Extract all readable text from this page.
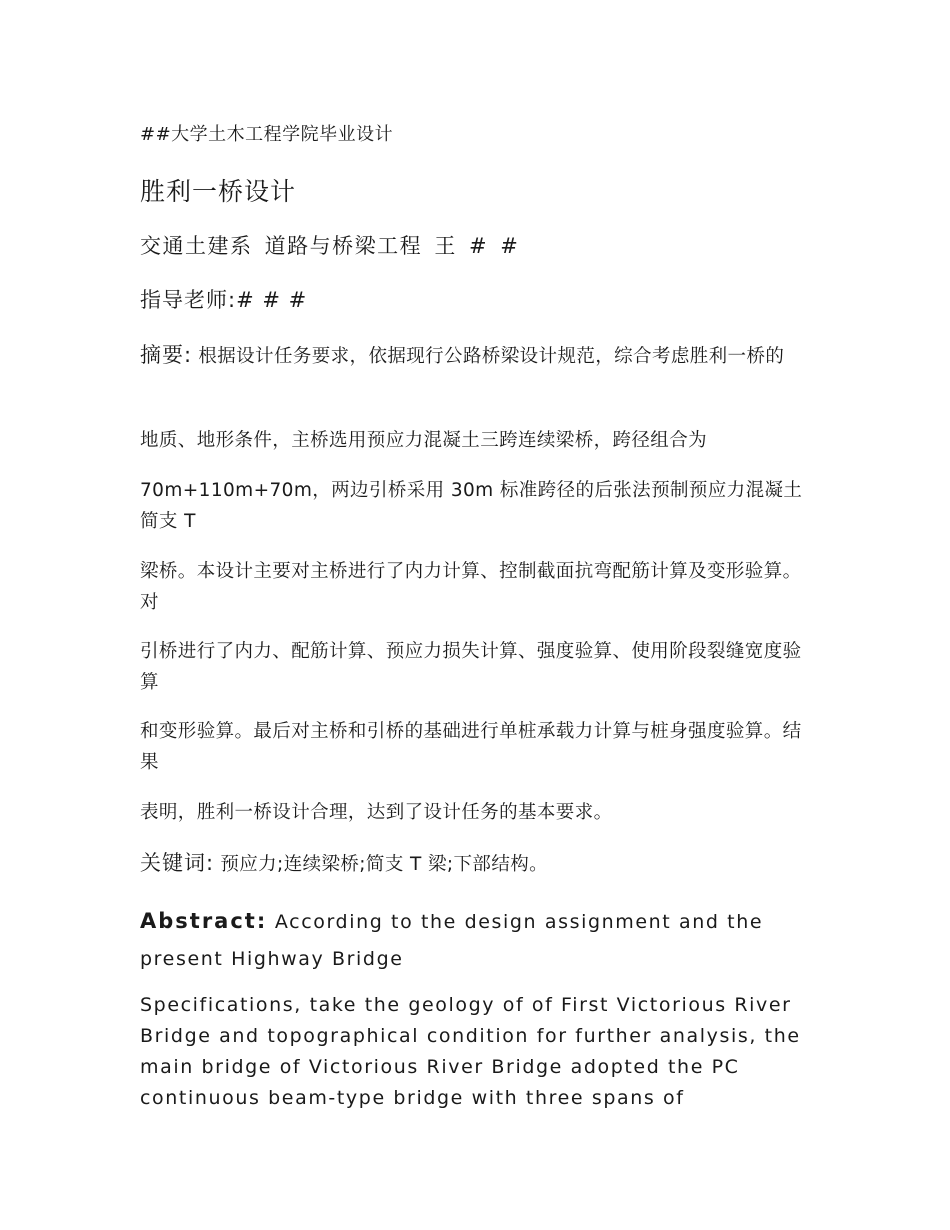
##大学土木工程学院毕业设计
胜利一桥设计
交通土建系 道路与桥梁工程 王 # #
指导老师:# # #
摘要: 根据设计任务要求，依据现行公路桥梁设计规范，综合考虑胜利一桥的
地质、地形条件，主桥选用预应力混凝土三跨连续梁桥，跨径组合为
70m+110m+70m，两边引桥采用 30m 标准跨径的后张法预制预应力混凝土简支 T
梁桥。本设计主要对主桥进行了内力计算、控制截面抗弯配筋计算及变形验算。对
引桥进行了内力、配筋计算、预应力损失计算、强度验算、使用阶段裂缝宽度验算
和变形验算。最后对主桥和引桥的基础进行单桩承载力计算与桩身强度验算。结果
表明，胜利一桥设计合理，达到了设计任务的基本要求。
关键词: 预应力;连续梁桥;简支 T 梁;下部结构。
Abstract: According to the design assignment and the present Highway Bridge
Specifications, take the geology of of First Victorious River Bridge and topographical condition for further analysis, the main bridge of Victorious River Bridge adopted the PC continuous beam-type bridge with three spans of
